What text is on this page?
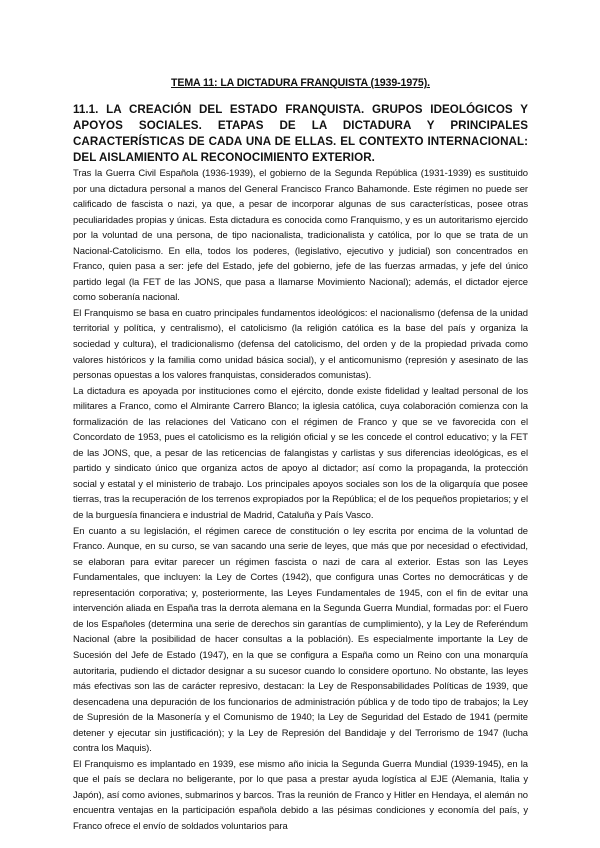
TEMA 11: LA DICTADURA FRANQUISTA (1939-1975).

11.1. LA CREACIÓN DEL ESTADO FRANQUISTA. GRUPOS IDEOLÓGICOS Y APOYOS SOCIALES. ETAPAS DE LA DICTADURA Y PRINCIPALES CARACTERÍSTICAS DE CADA UNA DE ELLAS. EL CONTEXTO INTERNACIONAL: DEL AISLAMIENTO AL RECONOCIMIENTO EXTERIOR.

Tras la Guerra Civil Española (1936-1939), el gobierno de la Segunda República (1931-1939) es sustituido por una dictadura personal a manos del General Francisco Franco Bahamonde. Este régimen no puede ser calificado de fascista o nazi, ya que, a pesar de incorporar algunas de sus características, posee otras peculiaridades propias y únicas. Esta dictadura es conocida como Franquismo, y es un autoritarismo ejercido por la voluntad de una persona, de tipo nacionalista, tradicionalista y católica, por lo que se trata de un Nacional-Catolicismo. En ella, todos los poderes, (legislativo, ejecutivo y judicial) son concentrados en Franco, quien pasa a ser: jefe del Estado, jefe del gobierno, jefe de las fuerzas armadas, y jefe del único partido legal (la FET de las JONS, que pasa a llamarse Movimiento Nacional); además, el dictador ejerce como soberanía nacional.

El Franquismo se basa en cuatro principales fundamentos ideológicos: el nacionalismo (defensa de la unidad territorial y política, y centralismo), el catolicismo (la religión católica es la base del país y organiza la sociedad y cultura), el tradicionalismo (defensa del catolicismo, del orden y de la propiedad privada como valores históricos y la familia como unidad básica social), y el anticomunismo (represión y asesinato de las personas opuestas a los valores franquistas, considerados comunistas).

La dictadura es apoyada por instituciones como el ejército, donde existe fidelidad y lealtad personal de los militares a Franco, como el Almirante Carrero Blanco; la iglesia católica, cuya colaboración comienza con la formalización de las relaciones del Vaticano con el régimen de Franco y que se ve favorecida con el Concordato de 1953, pues el catolicismo es la religión oficial y se les concede el control educativo; y la FET de las JONS, que, a pesar de las reticencias de falangistas y carlistas y sus diferencias ideológicas, es el partido y sindicato único que organiza actos de apoyo al dictador; así como la propaganda, la protección social y estatal y el ministerio de trabajo. Los principales apoyos sociales son los de la oligarquía que posee tierras, tras la recuperación de los terrenos expropiados por la República; el de los pequeños propietarios; y el de la burguesía financiera e industrial de Madrid, Cataluña y País Vasco.

En cuanto a su legislación, el régimen carece de constitución o ley escrita por encima de la voluntad de Franco. Aunque, en su curso, se van sacando una serie de leyes, que más que por necesidad o efectividad, se elaboran para evitar parecer un régimen fascista o nazi de cara al exterior. Estas son las Leyes Fundamentales, que incluyen: la Ley de Cortes (1942), que configura unas Cortes no democráticas y de representación corporativa; y, posteriormente, las Leyes Fundamentales de 1945, con el fin de evitar una intervención aliada en España tras la derrota alemana en la Segunda Guerra Mundial, formadas por: el Fuero de los Españoles (determina una serie de derechos sin garantías de cumplimiento), y la Ley de Referéndum Nacional (abre la posibilidad de hacer consultas a la población). Es especialmente importante la Ley de Sucesión del Jefe de Estado (1947), en la que se configura a España como un Reino con una monarquía autoritaria, pudiendo el dictador designar a su sucesor cuando lo considere oportuno. No obstante, las leyes más efectivas son las de carácter represivo, destacan: la Ley de Responsabilidades Políticas de 1939, que desencadena una depuración de los funcionarios de administración pública y de todo tipo de trabajos; la Ley de Supresión de la Masonería y el Comunismo de 1940; la Ley de Seguridad del Estado de 1941 (permite detener y ejecutar sin justificación); y la Ley de Represión del Bandidaje y del Terrorismo de 1947 (lucha contra los Maquis).

El Franquismo es implantado en 1939, ese mismo año inicia la Segunda Guerra Mundial (1939-1945), en la que el país se declara no beligerante, por lo que pasa a prestar ayuda logística al EJE (Alemania, Italia y Japón), así como aviones, submarinos y barcos. Tras la reunión de Franco y Hitler en Hendaya, el alemán no encuentra ventajas en la participación española debido a las pésimas condiciones y economía del país, y Franco ofrece el envío de soldados voluntarios para
